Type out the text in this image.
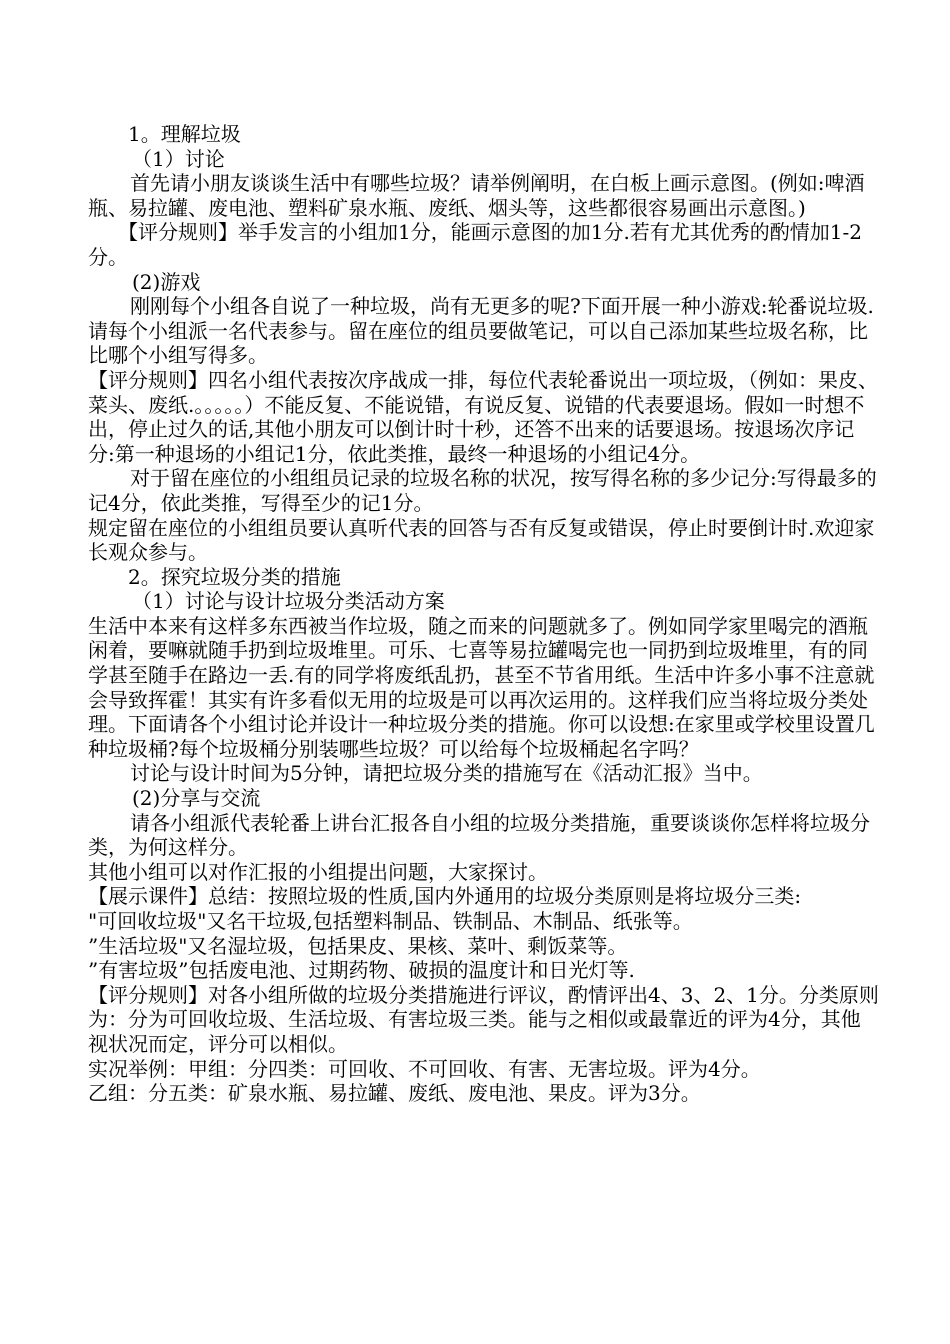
1。理解垃圾

（1）讨论

首先请小朋友谈谈生活中有哪些垃圾？请举例阐明，在白板上画示意图。(例如:啤酒瓶、易拉罐、废电池、塑料矿泉水瓶、废纸、烟头等，这些都很容易画出示意图。)

【评分规则】举手发言的小组加1分，能画示意图的加1分.若有尤其优秀的酌情加1-2分。

(2)游戏

刚刚每个小组各自说了一种垃圾，尚有无更多的呢?下面开展一种小游戏:轮番说垃圾.请每个小组派一名代表参与。留在座位的组员要做笔记，可以自己添加某些垃圾名称，比比哪个小组写得多。

【评分规则】四名小组代表按次序战成一排，每位代表轮番说出一项垃圾，（例如：果皮、菜头、废纸.。。。。。）不能反复、不能说错，有说反复、说错的代表要退场。假如一时想不出，停止过久的话,其他小朋友可以倒计时十秒，还答不出来的话要退场。按退场次序记分:第一种退场的小组记1分，依此类推，最终一种退场的小组记4分。

对于留在座位的小组组员记录的垃圾名称的状况，按写得名称的多少记分:写得最多的记4分，依此类推，写得至少的记1分。

规定留在座位的小组组员要认真听代表的回答与否有反复或错误，停止时要倒计时.欢迎家长观众参与。

2。探究垃圾分类的措施

（1）讨论与设计垃圾分类活动方案

生活中本来有这样多东西被当作垃圾，随之而来的问题就多了。例如同学家里喝完的酒瓶闲着，要嘛就随手扔到垃圾堆里。可乐、七喜等易拉罐喝完也一同扔到垃圾堆里，有的同学甚至随手在路边一丢.有的同学将废纸乱扔，甚至不节省用纸。生活中许多小事不注意就会导致挥霍！其实有许多看似无用的垃圾是可以再次运用的。这样我们应当将垃圾分类处理。下面请各个小组讨论并设计一种垃圾分类的措施。你可以设想:在家里或学校里设置几种垃圾桶?每个垃圾桶分别装哪些垃圾？可以给每个垃圾桶起名字吗？

讨论与设计时间为5分钟，请把垃圾分类的措施写在《活动汇报》当中。

(2)分享与交流

请各小组派代表轮番上讲台汇报各自小组的垃圾分类措施，重要谈谈你怎样将垃圾分类，为何这样分。

其他小组可以对作汇报的小组提出问题，大家探讨。

【展示课件】总结：按照垃圾的性质,国内外通用的垃圾分类原则是将垃圾分三类:

"可回收垃圾"又名干垃圾,包括塑料制品、铁制品、木制品、纸张等。

”生活垃圾"又名湿垃圾，包括果皮、果核、菜叶、剩饭菜等。

”有害垃圾”包括废电池、过期药物、破损的温度计和日光灯等.

【评分规则】对各小组所做的垃圾分类措施进行评议，酌情评出4、3、2、1分。分类原则为：分为可回收垃圾、生活垃圾、有害垃圾三类。能与之相似或最靠近的评为4分，其他视状况而定，评分可以相似。

实况举例：甲组：分四类：可回收、不可回收、有害、无害垃圾。评为4分。

乙组：分五类：矿泉水瓶、易拉罐、废纸、废电池、果皮。评为3分。
